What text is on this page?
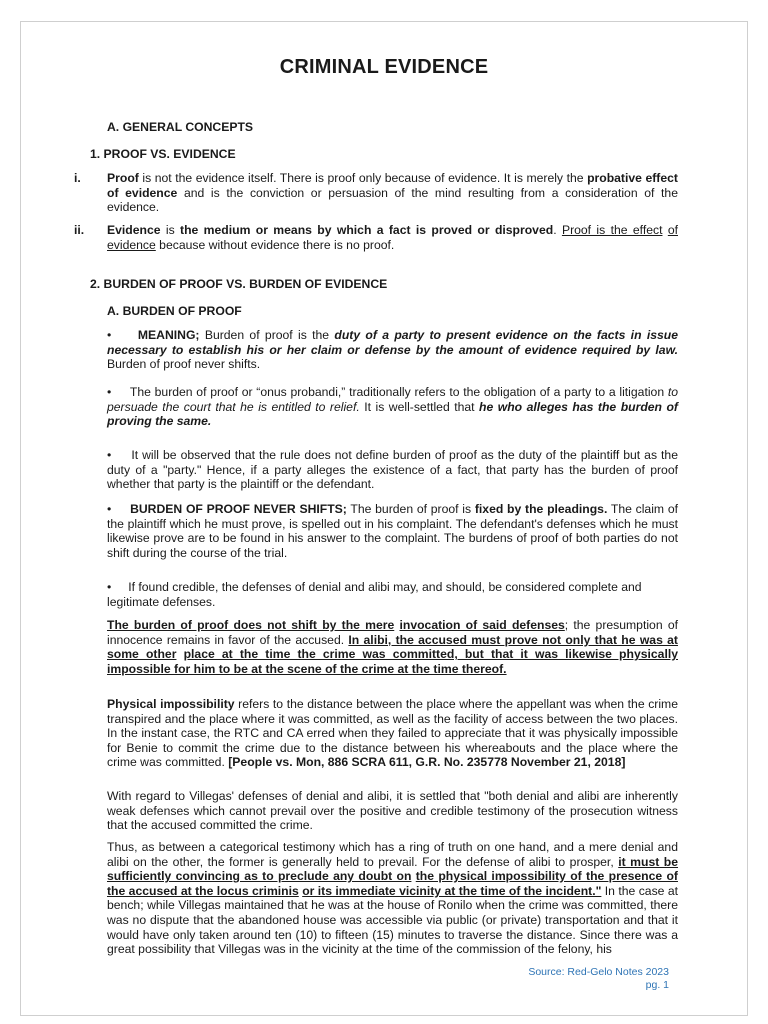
CRIMINAL EVIDENCE

A. GENERAL CONCEPTS

1. PROOF VS. EVIDENCE

i. Proof is not the evidence itself. There is proof only because of evidence. It is merely the probative effect of evidence and is the conviction or persuasion of the mind resulting from a consideration of the evidence.

ii. Evidence is the medium or means by which a fact is proved or disproved. Proof is the effect of evidence because without evidence there is no proof.

2. BURDEN OF PROOF VS. BURDEN OF EVIDENCE

A. BURDEN OF PROOF

• MEANING; Burden of proof is the duty of a party to present evidence on the facts in issue necessary to establish his or her claim or defense by the amount of evidence required by law. Burden of proof never shifts.

• The burden of proof or “onus probandi,” traditionally refers to the obligation of a party to a litigation to persuade the court that he is entitled to relief. It is well-settled that he who alleges has the burden of proving the same.

• It will be observed that the rule does not define burden of proof as the duty of the plaintiff but as the duty of a "party." Hence, if a party alleges the existence of a fact, that party has the burden of proof whether that party is the plaintiff or the defendant.

• BURDEN OF PROOF NEVER SHIFTS; The burden of proof is fixed by the pleadings. The claim of the plaintiff which he must prove, is spelled out in his complaint. The defendant's defenses which he must likewise prove are to be found in his answer to the complaint. The burdens of proof of both parties do not shift during the course of the trial.

• If found credible, the defenses of denial and alibi may, and should, be considered complete and legitimate defenses.

The burden of proof does not shift by the mere invocation of said defenses; the presumption of innocence remains in favor of the accused. In alibi, the accused must prove not only that he was at some other place at the time the crime was committed, but that it was likewise physically impossible for him to be at the scene of the crime at the time thereof.

Physical impossibility refers to the distance between the place where the appellant was when the crime transpired and the place where it was committed, as well as the facility of access between the two places. In the instant case, the RTC and CA erred when they failed to appreciate that it was physically impossible for Benie to commit the crime due to the distance between his whereabouts and the place where the crime was committed. [People vs. Mon, 886 SCRA 611, G.R. No. 235778 November 21, 2018]

With regard to Villegas' defenses of denial and alibi, it is settled that "both denial and alibi are inherently weak defenses which cannot prevail over the positive and credible testimony of the prosecution witness that the accused committed the crime.

Thus, as between a categorical testimony which has a ring of truth on one hand, and a mere denial and alibi on the other, the former is generally held to prevail. For the defense of alibi to prosper, it must be sufficiently convincing as to preclude any doubt on the physical impossibility of the presence of the accused at the locus criminis or its immediate vicinity at the time of the incident." In the case at bench; while Villegas maintained that he was at the house of Ronilo when the crime was committed, there was no dispute that the abandoned house was accessible via public (or private) transportation and that it would have only taken around ten (10) to fifteen (15) minutes to traverse the distance. Since there was a great possibility that Villegas was in the vicinity at the time of the commission of the felony, his

Source: Red-Gelo Notes 2023
pg. 1
